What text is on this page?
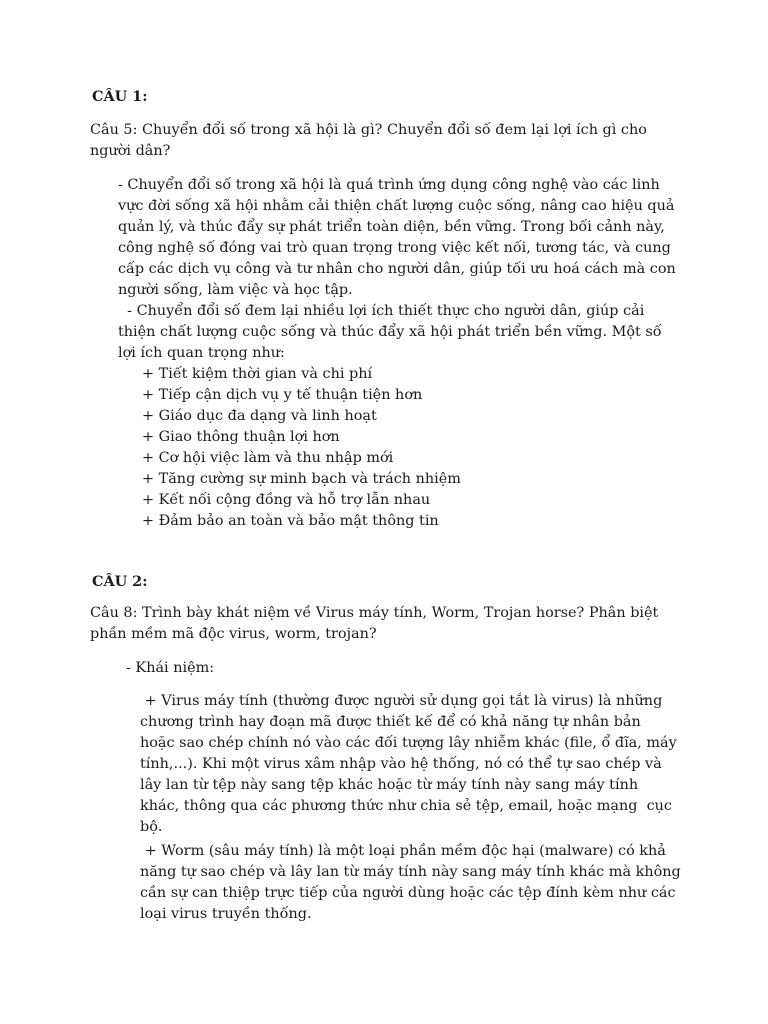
CÂU 1:

Câu 5: Chuyển đổi số trong xã hội là gì? Chuyển đổi số đem lại lợi ích gì cho người dân?

- Chuyển đổi số trong xã hội là quá trình ứng dụng công nghệ vào các linh
vực đời sống xã hội nhằm cải thiện chất lượng cuộc sống, nâng cao hiệu quả
quản lý, và thúc đẩy sự phát triển toàn diện, bền vững. Trong bối cảnh này,
công nghệ số đóng vai trò quan trọng trong việc kết nối, tương tác, và cung
cấp các dịch vụ công và tư nhân cho người dân, giúp tối ưu hoá cách mà con
người sống, làm việc và học tập.
- Chuyển đổi số đem lại nhiều lợi ích thiết thực cho người dân, giúp cải
thiện chất lượng cuộc sống và thúc đẩy xã hội phát triển bền vững. Một số
lợi ích quan trọng như:
+ Tiết kiệm thời gian và chi phí
+ Tiếp cận dịch vụ y tế thuận tiện hơn
+ Giáo dục đa dạng và linh hoạt
+ Giao thông thuận lợi hơn
+ Cơ hội việc làm và thu nhập mới
+ Tăng cường sự minh bạch và trách nhiệm
+ Kết nối cộng đồng và hỗ trợ lẫn nhau
+ Đảm bảo an toàn và bảo mật thông tin
CÂU 2:

Câu 8: Trình bày khát niệm về Virus máy tính, Worm, Trojan horse? Phân biệt phần mềm mã độc virus, worm, trojan?

- Khái niệm:
+ Virus máy tính (thường được người sử dụng gọi tắt là virus) là những
chương trình hay đoạn mã được thiết kế để có khả năng tự nhân bản
hoặc sao chép chính nó vào các đối tượng lây nhiễm khác (file, ổ đĩa, máy
tính,...). Khi một virus xâm nhập vào hệ thống, nó có thể tự sao chép và
lây lan từ tệp này sang tệp khác hoặc từ máy tính này sang máy tính
khác, thông qua các phương thức như chia sẻ tệp, email, hoặc mạng  cục
bộ.
+ Worm (sâu máy tính) là một loại phần mềm độc hại (malware) có khả
năng tự sao chép và lây lan từ máy tính này sang máy tính khác mà không
cần sự can thiệp trực tiếp của người dùng hoặc các tệp đính kèm như các
loại virus truyền thống.
